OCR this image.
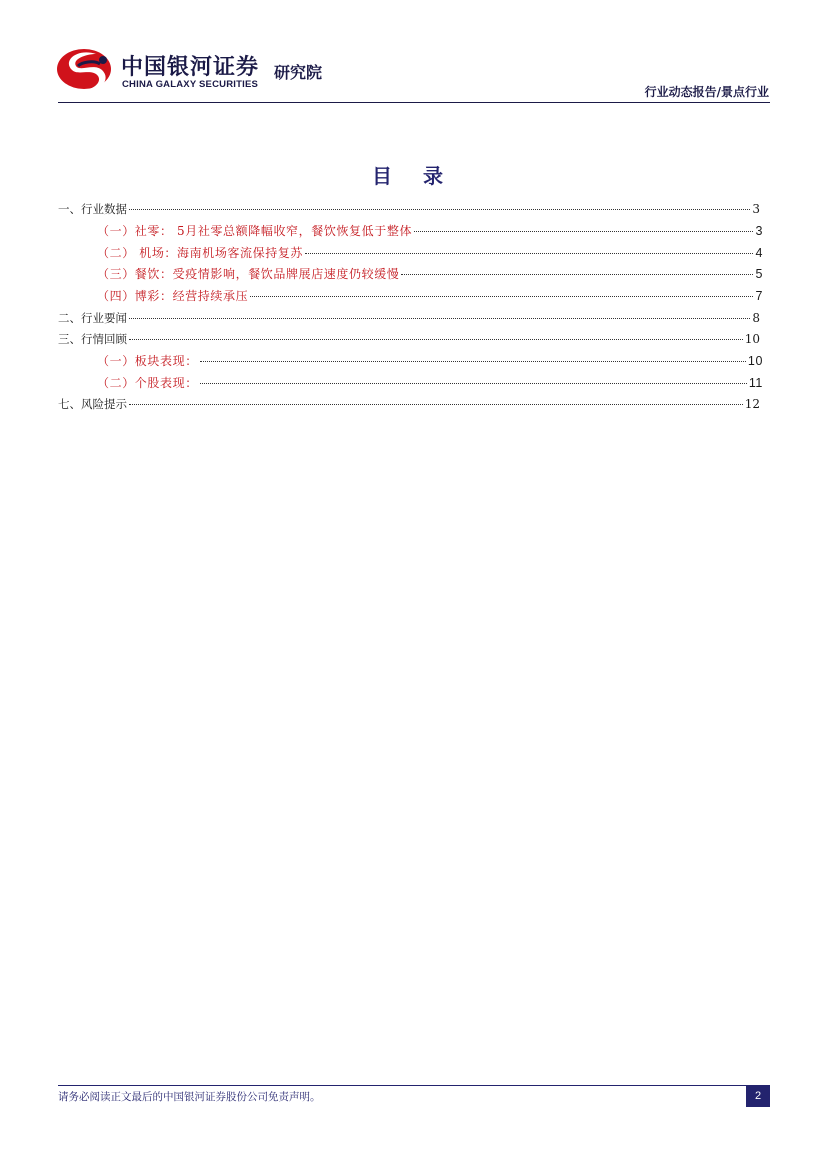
中国银河证券
CHINA GALAXY SECURITIES
研究院
行业动态报告/景点行业
目 录
一、行业数据	3
（一）社零： 5月社零总额降幅收窄，餐饮恢复低于整体	3
（二） 机场：海南机场客流保持复苏	4
（三）餐饮：受疫情影响，餐饮品牌展店速度仍较缓慢	5
（四）博彩：经营持续承压	7
二、行业要闻	8
三、行情回顾	10
（一）板块表现：	10
（二）个股表现：	11
七、风险提示	12
请务必阅读正文最后的中国银河证券股份公司免责声明。	2
